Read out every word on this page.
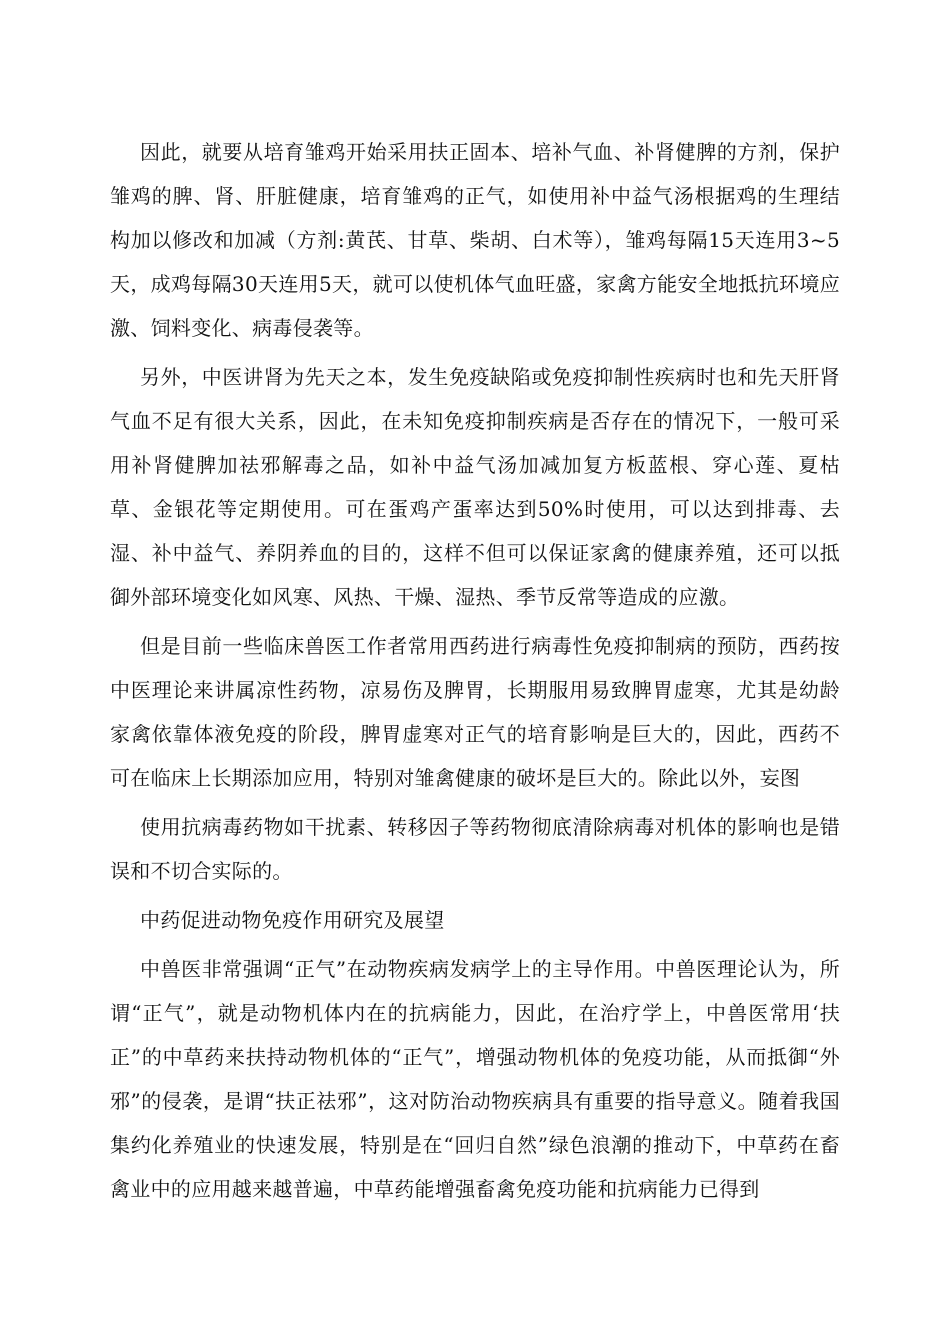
因此，就要从培育雏鸡开始采用扶正固本、培补气血、补肾健脾的方剂，保护雏鸡的脾、肾、肝脏健康，培育雏鸡的正气，如使用补中益气汤根据鸡的生理结构加以修改和加减（方剂:黄芪、甘草、柴胡、白术等），雏鸡每隔15天连用3~5天，成鸡每隔30天连用5天，就可以使机体气血旺盛，家禽方能安全地抵抗环境应激、饲料变化、病毒侵袭等。

另外，中医讲肾为先天之本，发生免疫缺陷或免疫抑制性疾病时也和先天肝肾气血不足有很大关系，因此，在未知免疫抑制疾病是否存在的情况下，一般可采用补肾健脾加祛邪解毒之品，如补中益气汤加减加复方板蓝根、穿心莲、夏枯草、金银花等定期使用。可在蛋鸡产蛋率达到50%时使用，可以达到排毒、去湿、补中益气、养阴养血的目的，这样不但可以保证家禽的健康养殖，还可以抵御外部环境变化如风寒、风热、干燥、湿热、季节反常等造成的应激。

但是目前一些临床兽医工作者常用西药进行病毒性免疫抑制病的预防，西药按中医理论来讲属凉性药物，凉易伤及脾胃，长期服用易致脾胃虚寒，尤其是幼龄家禽依靠体液免疫的阶段，脾胃虚寒对正气的培育影响是巨大的，因此，西药不可在临床上长期添加应用，特别对雏禽健康的破坏是巨大的。除此以外，妄图

使用抗病毒药物如干扰素、转移因子等药物彻底清除病毒对机体的影响也是错误和不切合实际的。

中药促进动物免疫作用研究及展望

中兽医非常强调“正气”在动物疾病发病学上的主导作用。中兽医理论认为，所谓“正气”，就是动物机体内在的抗病能力，因此，在治疗学上，中兽医常用‘扶正”的中草药来扶持动物机体的“正气”，增强动物机体的免疫功能，从而抵御“外邪”的侵袭，是谓“扶正祛邪”，这对防治动物疾病具有重要的指导意义。随着我国集约化养殖业的快速发展，特别是在“回归自然”绿色浪潮的推动下，中草药在畜禽业中的应用越来越普遍，中草药能增强畜禽免疫功能和抗病能力已得到
